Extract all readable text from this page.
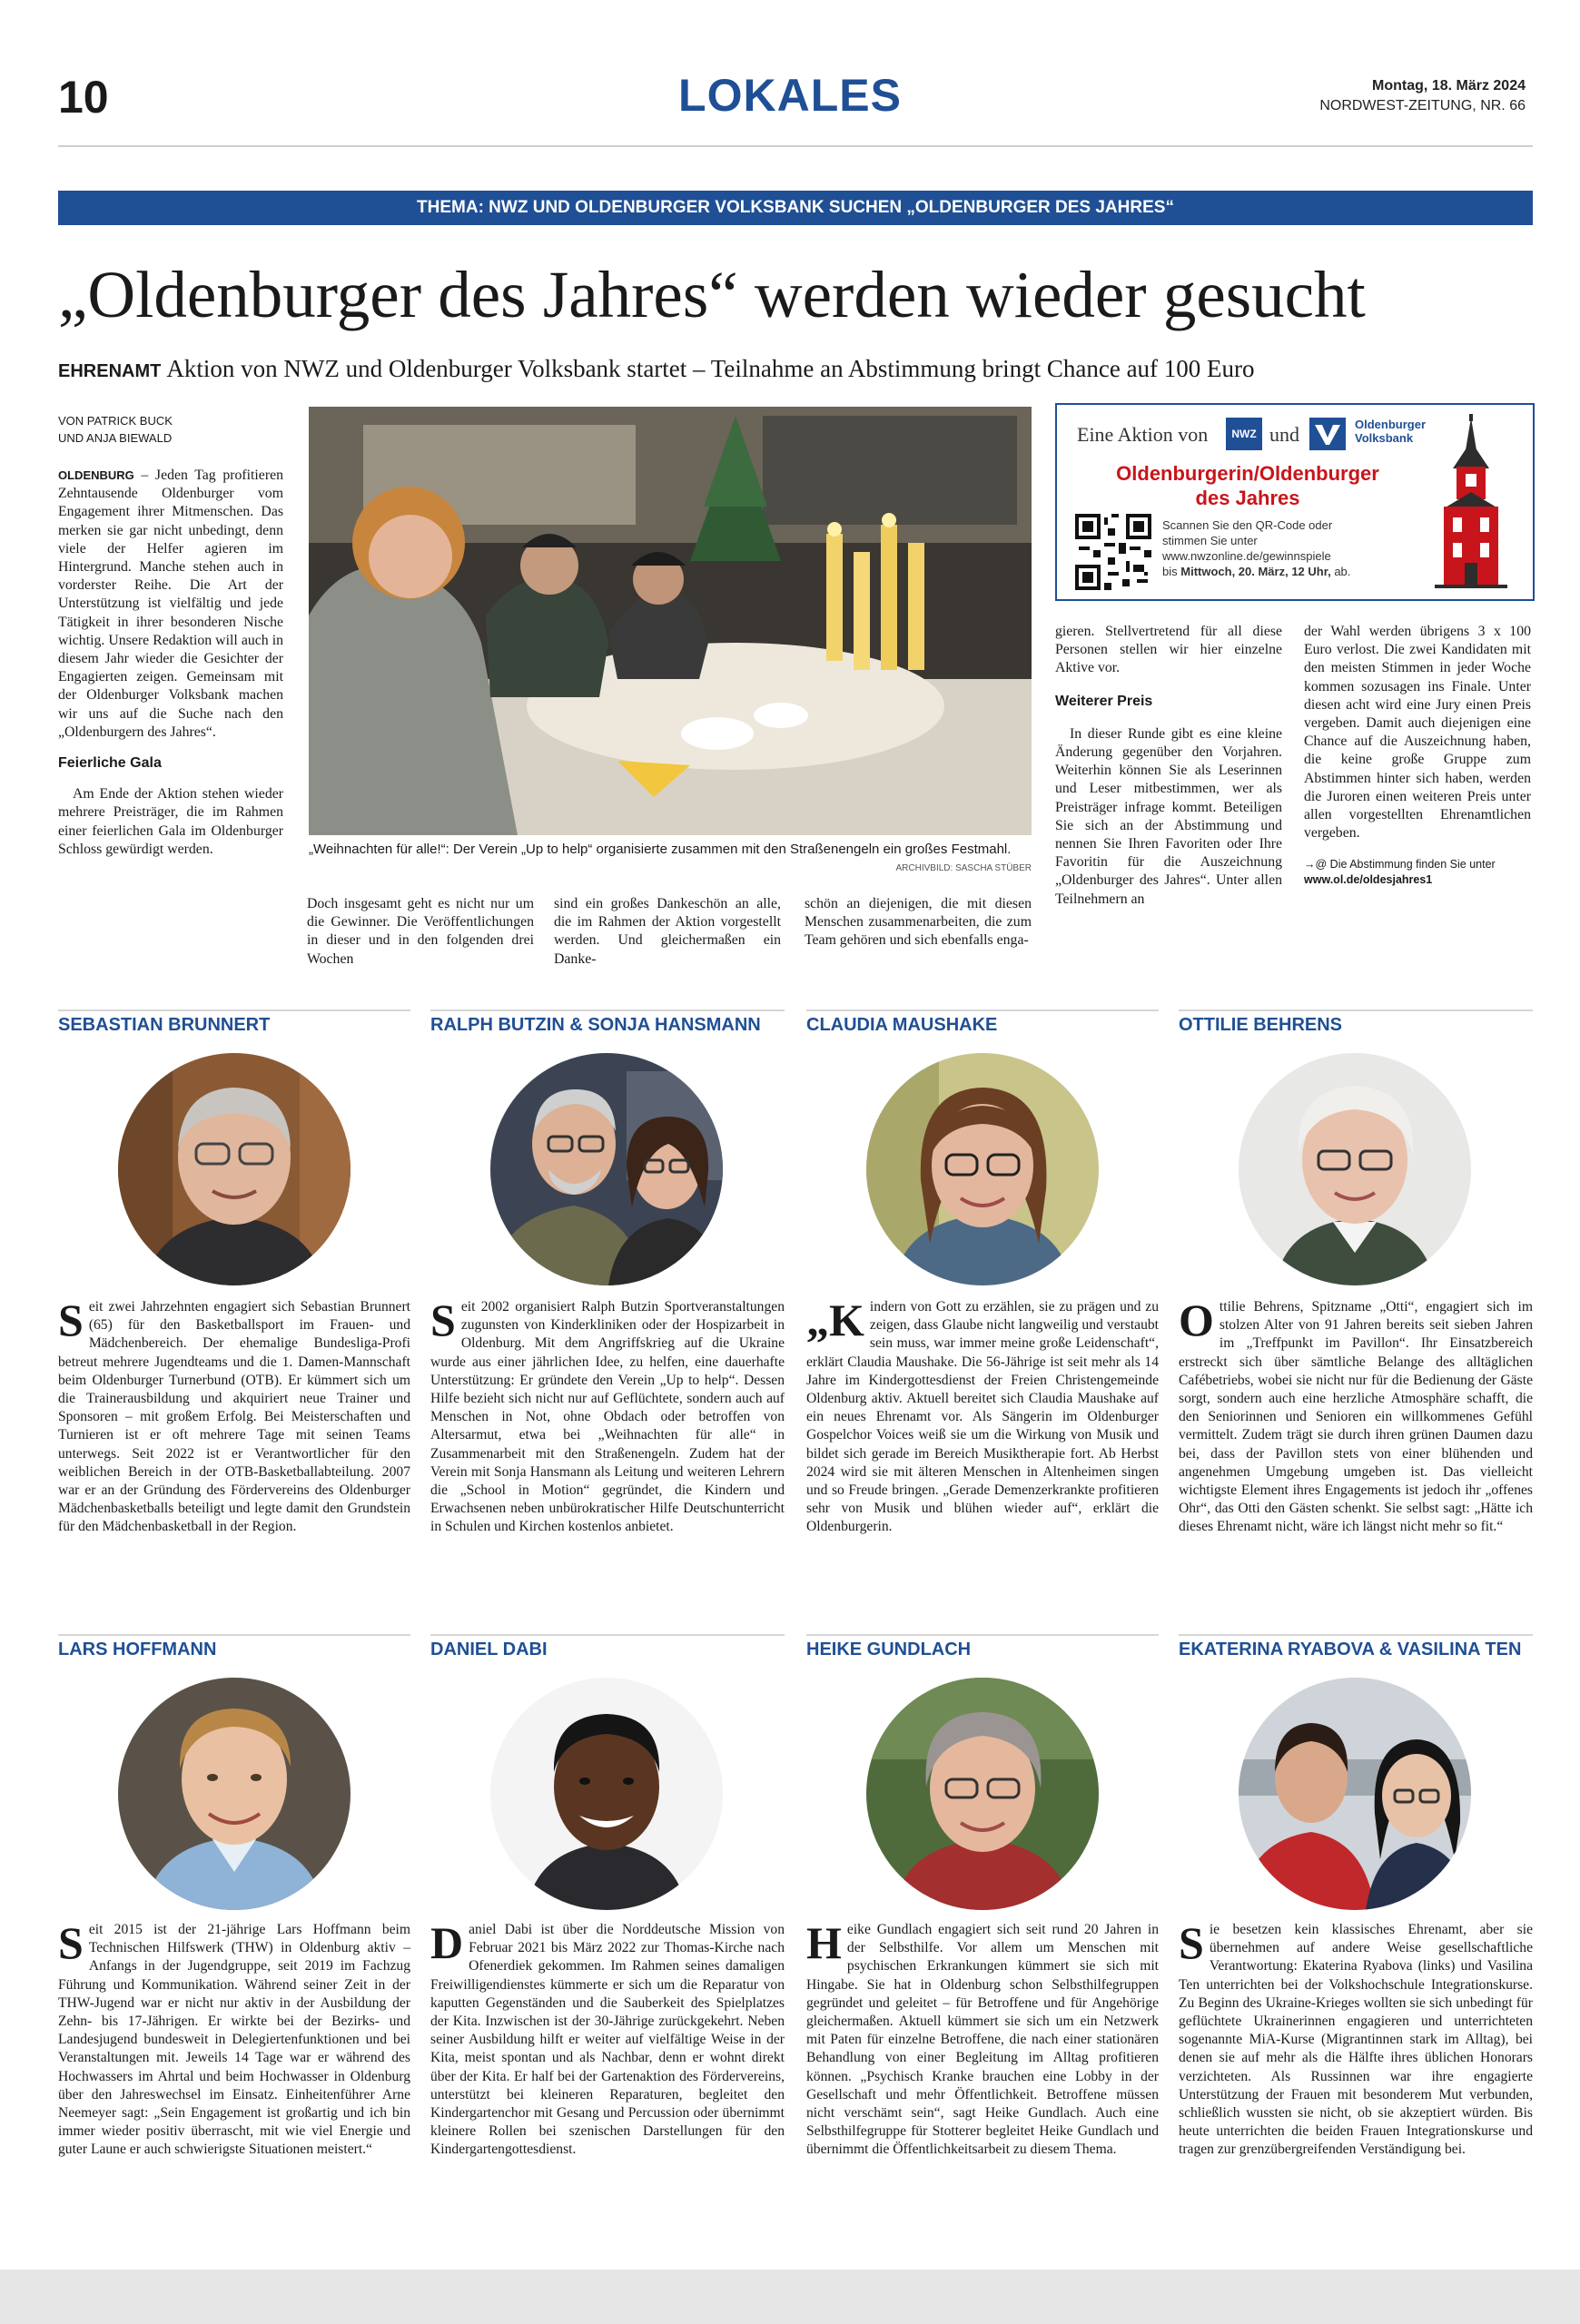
10	LOKALES	Montag, 18. März 2024
NORDWEST-ZEITUNG, NR. 66
THEMA: NWZ UND OLDENBURGER VOLKSBANK SUCHEN „OLDENBURGER DES JAHRES“
„Oldenburger des Jahres“ werden wieder gesucht
EHRENAMT Aktion von NWZ und Oldenburger Volksbank startet – Teilnahme an Abstimmung bringt Chance auf 100 Euro
VON PATRICK BUCK
UND ANJA BIEWALD

OLDENBURG – Jeden Tag profitieren Zehntausende Oldenburger vom Engagement ihrer Mitmenschen. Das merken sie gar nicht unbedingt, denn viele der Helfer agieren im Hintergrund. Manche stehen auch in vorderster Reihe. Die Art der Unterstützung ist vielfältig und jede Tätigkeit in ihrer besonderen Nische wichtig. Unsere Redaktion will auch in diesem Jahr wieder die Gesichter der Engagierten zeigen. Gemeinsam mit der Oldenburger Volksbank machen wir uns auf die Suche nach den „Oldenburgern des Jahres“.

Feierliche Gala

Am Ende der Aktion stehen wieder mehrere Preisträger, die im Rahmen einer feierlichen Gala im Oldenburger Schloss gewürdigt werden.	„Weihnachten für alle!“: Der Verein „Up to help“ organisierte zusammen mit den Straßenengeln ein großes Festmahl.
ARCHIVBILD: SASCHA STÜBER
Eine Aktion von	NWZ und	Oldenburger
Volksbank
Oldenburgerin/Oldenburger
des Jahres
Scannen Sie den QR-Code oder
stimmen Sie unter
www.nwzonline.de/gewinnspiele
bis Mittwoch, 20. März, 12 Uhr, ab.
Doch insgesamt geht es nicht nur um die Gewinner. Die Veröffentlichungen in dieser und in den folgenden drei Wochen
sind ein großes Dankeschön an alle, die im Rahmen der Aktion vorgestellt werden. Und gleichermaßen ein Danke-
schön an diejenigen, die mit diesen Menschen zusammenarbeiten, die zum Team gehören und sich ebenfalls enga-

gieren. Stellvertretend für all diese Personen stellen wir hier einzelne Aktive vor.

Weiterer Preis

In dieser Runde gibt es eine kleine Änderung gegenüber den Vorjahren. Weiterhin können Sie als Leserinnen und Leser mitbestimmen, wer als Preisträger infrage kommt. Beteiligen Sie sich an der Abstimmung und nennen Sie Ihren Favoriten oder Ihre Favoritin für die Auszeichnung „Oldenburger des Jahres“. Unter allen Teilnehmern an

der Wahl werden übrigens 3 x 100 Euro verlost. Die zwei Kandidaten mit den meisten Stimmen in jeder Woche kommen sozusagen ins Finale. Unter diesen acht wird eine Jury einen Preis vergeben. Damit auch diejenigen eine Chance auf die Auszeichnung haben, die keine große Gruppe zum Abstimmen hinter sich haben, werden die Juroren einen weiteren Preis unter allen vorgestellten Ehrenamtlichen vergeben.

→@ Die Abstimmung finden Sie unter www.ol.de/oldesjahres1

SEBASTIAN BRUNNERT	RALPH BUTZIN & SONJA HANSMANN	CLAUDIA MAUSHAKE	OTTILIE BEHRENS
Seit zwei Jahrzehnten engagiert sich Sebastian Brunnert (65) für den Basketballsport im Frauen- und Mädchenbereich. Der ehemalige Bundesliga-Profi betreut mehrere Jugendteams und die 1. Damen-Mannschaft beim Oldenburger Turnerbund (OTB). Er kümmert sich um die Trainerausbildung und akquiriert neue Trainer und Sponsoren – mit großem Erfolg. Bei Meisterschaften und Turnieren ist er oft mehrere Tage mit seinen Teams unterwegs. Seit 2022 ist er Verantwortlicher für den weiblichen Bereich in der OTB-Basketballabteilung. 2007 war er an der Gründung des Fördervereins des Oldenburger Mädchenbasketballs beteiligt und legte damit den Grundstein für den Mädchenbasketball in der Region.
Seit 2002 organisiert Ralph Butzin Sportveranstaltungen zugunsten von Kinderkliniken oder der Hospizarbeit in Oldenburg. Mit dem Angriffskrieg auf die Ukraine wurde aus einer jährlichen Idee, zu helfen, eine dauerhafte Unterstützung: Er gründete den Verein „Up to help“. Dessen Hilfe bezieht sich nicht nur auf Geflüchtete, sondern auch auf Menschen in Not, ohne Obdach oder betroffen von Altersarmut, etwa bei „Weihnachten für alle“ in Zusammenarbeit mit den Straßenengeln. Zudem hat der Verein mit Sonja Hansmann als Leitung und weiteren Lehrern die „School in Motion“ gegründet, die Kindern und Erwachsenen neben unbürokratischer Hilfe Deutschunterricht in Schulen und Kirchen kostenlos anbietet.
„Kindern von Gott zu erzählen, sie zu prägen und zu zeigen, dass Glaube nicht langweilig und verstaubt sein muss, war immer meine große Leidenschaft“, erklärt Claudia Maushake. Die 56-Jährige ist seit mehr als 14 Jahre im Kindergottesdienst der Freien Christengemeinde Oldenburg aktiv. Aktuell bereitet sich Claudia Maushake auf ein neues Ehrenamt vor. Als Sängerin im Oldenburger Gospelchor Voices weiß sie um die Wirkung von Musik und bildet sich gerade im Bereich Musiktherapie fort. Ab Herbst 2024 wird sie mit älteren Menschen in Altenheimen singen und so Freude bringen. „Gerade Demenzerkrankte profitieren sehr von Musik und blühen wieder auf“, erklärt die Oldenburgerin.
Ottilie Behrens, Spitzname „Otti“, engagiert sich im stolzen Alter von 91 Jahren bereits seit sieben Jahren im „Treffpunkt im Pavillon“. Ihr Einsatzbereich erstreckt sich über sämtliche Belange des alltäglichen Cafébetriebs, wobei sie nicht nur für die Bedienung der Gäste sorgt, sondern auch eine herzliche Atmosphäre schafft, die den Seniorinnen und Senioren ein willkommenes Gefühl vermittelt. Zudem trägt sie durch ihren grünen Daumen dazu bei, dass der Pavillon stets von einer blühenden und angenehmen Umgebung umgeben ist. Das vielleicht wichtigste Element ihres Engagements ist jedoch ihr „offenes Ohr“, das Otti den Gästen schenkt. Sie selbst sagt: „Hätte ich dieses Ehrenamt nicht, wäre ich längst nicht mehr so fit.“
LARS HOFFMANN	DANIEL DABI	HEIKE GUNDLACH	EKATERINA RYABOVA & VASILINA TEN
Seit 2015 ist der 21-jährige Lars Hoffmann beim Technischen Hilfswerk (THW) in Oldenburg aktiv – Anfangs in der Jugendgruppe, seit 2019 im Fachzug Führung und Kommunikation. Während seiner Zeit in der THW-Jugend war er nicht nur aktiv in der Ausbildung der Zehn- bis 17-Jährigen. Er wirkte bei der Bezirks- und Landesjugend bundesweit in Delegiertenfunktionen und bei Veranstaltungen mit. Jeweils 14 Tage war er während des Hochwassers im Ahrtal und beim Hochwasser in Oldenburg über den Jahreswechsel im Einsatz. Einheitenführer Arne Neemeyer sagt: „Sein Engagement ist großartig und ich bin immer wieder positiv überrascht, mit wie viel Energie und guter Laune er auch schwierigste Situationen meistert.“
Daniel Dabi ist über die Norddeutsche Mission von Februar 2021 bis März 2022 zur Thomas-Kirche nach Ofenerdiek gekommen. Im Rahmen seines damaligen Freiwilligendienstes kümmerte er sich um die Reparatur von kaputten Gegenständen und die Sauberkeit des Spielplatzes der Kita. Inzwischen ist der 30-Jährige zurückgekehrt. Neben seiner Ausbildung hilft er weiter auf vielfältige Weise in der Kita, meist spontan und als Nachbar, denn er wohnt direkt über der Kita. Er half bei der Gartenaktion des Fördervereins, unterstützt bei kleineren Reparaturen, begleitet den Kindergartenchor mit Gesang und Percussion oder übernimmt kleinere Rollen bei szenischen Darstellungen für den Kindergartengottesdienst.
Heike Gundlach engagiert sich seit rund 20 Jahren in der Selbsthilfe. Vor allem um Menschen mit psychischen Erkrankungen kümmert sie sich mit Hingabe. Sie hat in Oldenburg schon Selbsthilfegruppen gegründet und geleitet – für Betroffene und für Angehörige gleichermaßen. Aktuell kümmert sie sich um ein Netzwerk mit Paten für einzelne Betroffene, die nach einer stationären Behandlung von einer Begleitung im Alltag profitieren können. „Psychisch Kranke brauchen eine Lobby in der Gesellschaft und mehr Öffentlichkeit. Betroffene müssen nicht verschämt sein“, sagt Heike Gundlach. Auch eine Selbsthilfegruppe für Stotterer begleitet Heike Gundlach und übernimmt die Öffentlichkeitsarbeit zu diesem Thema.
Sie besetzen kein klassisches Ehrenamt, aber sie übernehmen auf andere Weise gesellschaftliche Verantwortung: Ekaterina Ryabova (links) und Vasilina Ten unterrichten bei der Volkshochschule Integrationskurse. Zu Beginn des Ukraine-Krieges wollten sie sich unbedingt für geflüchtete Ukrainerinnen engagieren und unterrichteten sogenannte MiA-Kurse (Migrantinnen stark im Alltag), bei denen sie auf mehr als die Hälfte ihres üblichen Honorars verzichteten. Als Russinnen war ihre engagierte Unterstützung der Frauen mit besonderem Mut verbunden, schließlich wussten sie nicht, ob sie akzeptiert würden. Bis heute unterrichten die beiden Frauen Integrationskurse und tragen zur grenzübergreifenden Verständigung bei.
